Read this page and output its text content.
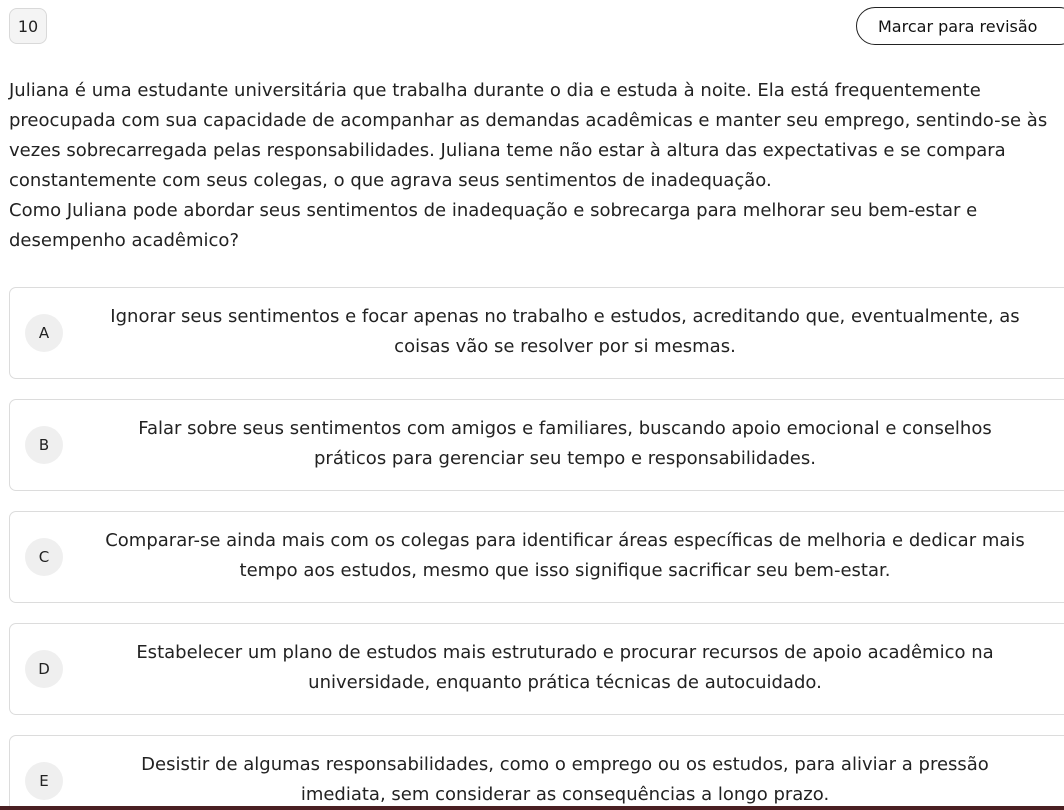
10	Marcar para revisão

Juliana é uma estudante universitária que trabalha durante o dia e estuda à noite. Ela está frequentemente preocupada com sua capacidade de acompanhar as demandas acadêmicas e manter seu emprego, sentindo-se às vezes sobrecarregada pelas responsabilidades. Juliana teme não estar à altura das expectativas e se compara constantemente com seus colegas, o que agrava seus sentimentos de inadequação.

Como Juliana pode abordar seus sentimentos de inadequação e sobrecarga para melhorar seu bem-estar e desempenho acadêmico?

A
Ignorar seus sentimentos e focar apenas no trabalho e estudos, acreditando que, eventualmente, as
coisas vão se resolver por si mesmas.
B
Falar sobre seus sentimentos com amigos e familiares, buscando apoio emocional e conselhos
práticos para gerenciar seu tempo e responsabilidades.
C
Comparar-se ainda mais com os colegas para identificar áreas específicas de melhoria e dedicar mais
tempo aos estudos, mesmo que isso signifique sacrificar seu bem-estar.
D
Estabelecer um plano de estudos mais estruturado e procurar recursos de apoio acadêmico na
universidade, enquanto prática técnicas de autocuidado.
E
Desistir de algumas responsabilidades, como o emprego ou os estudos, para aliviar a pressão
imediata, sem considerar as consequências a longo prazo.
